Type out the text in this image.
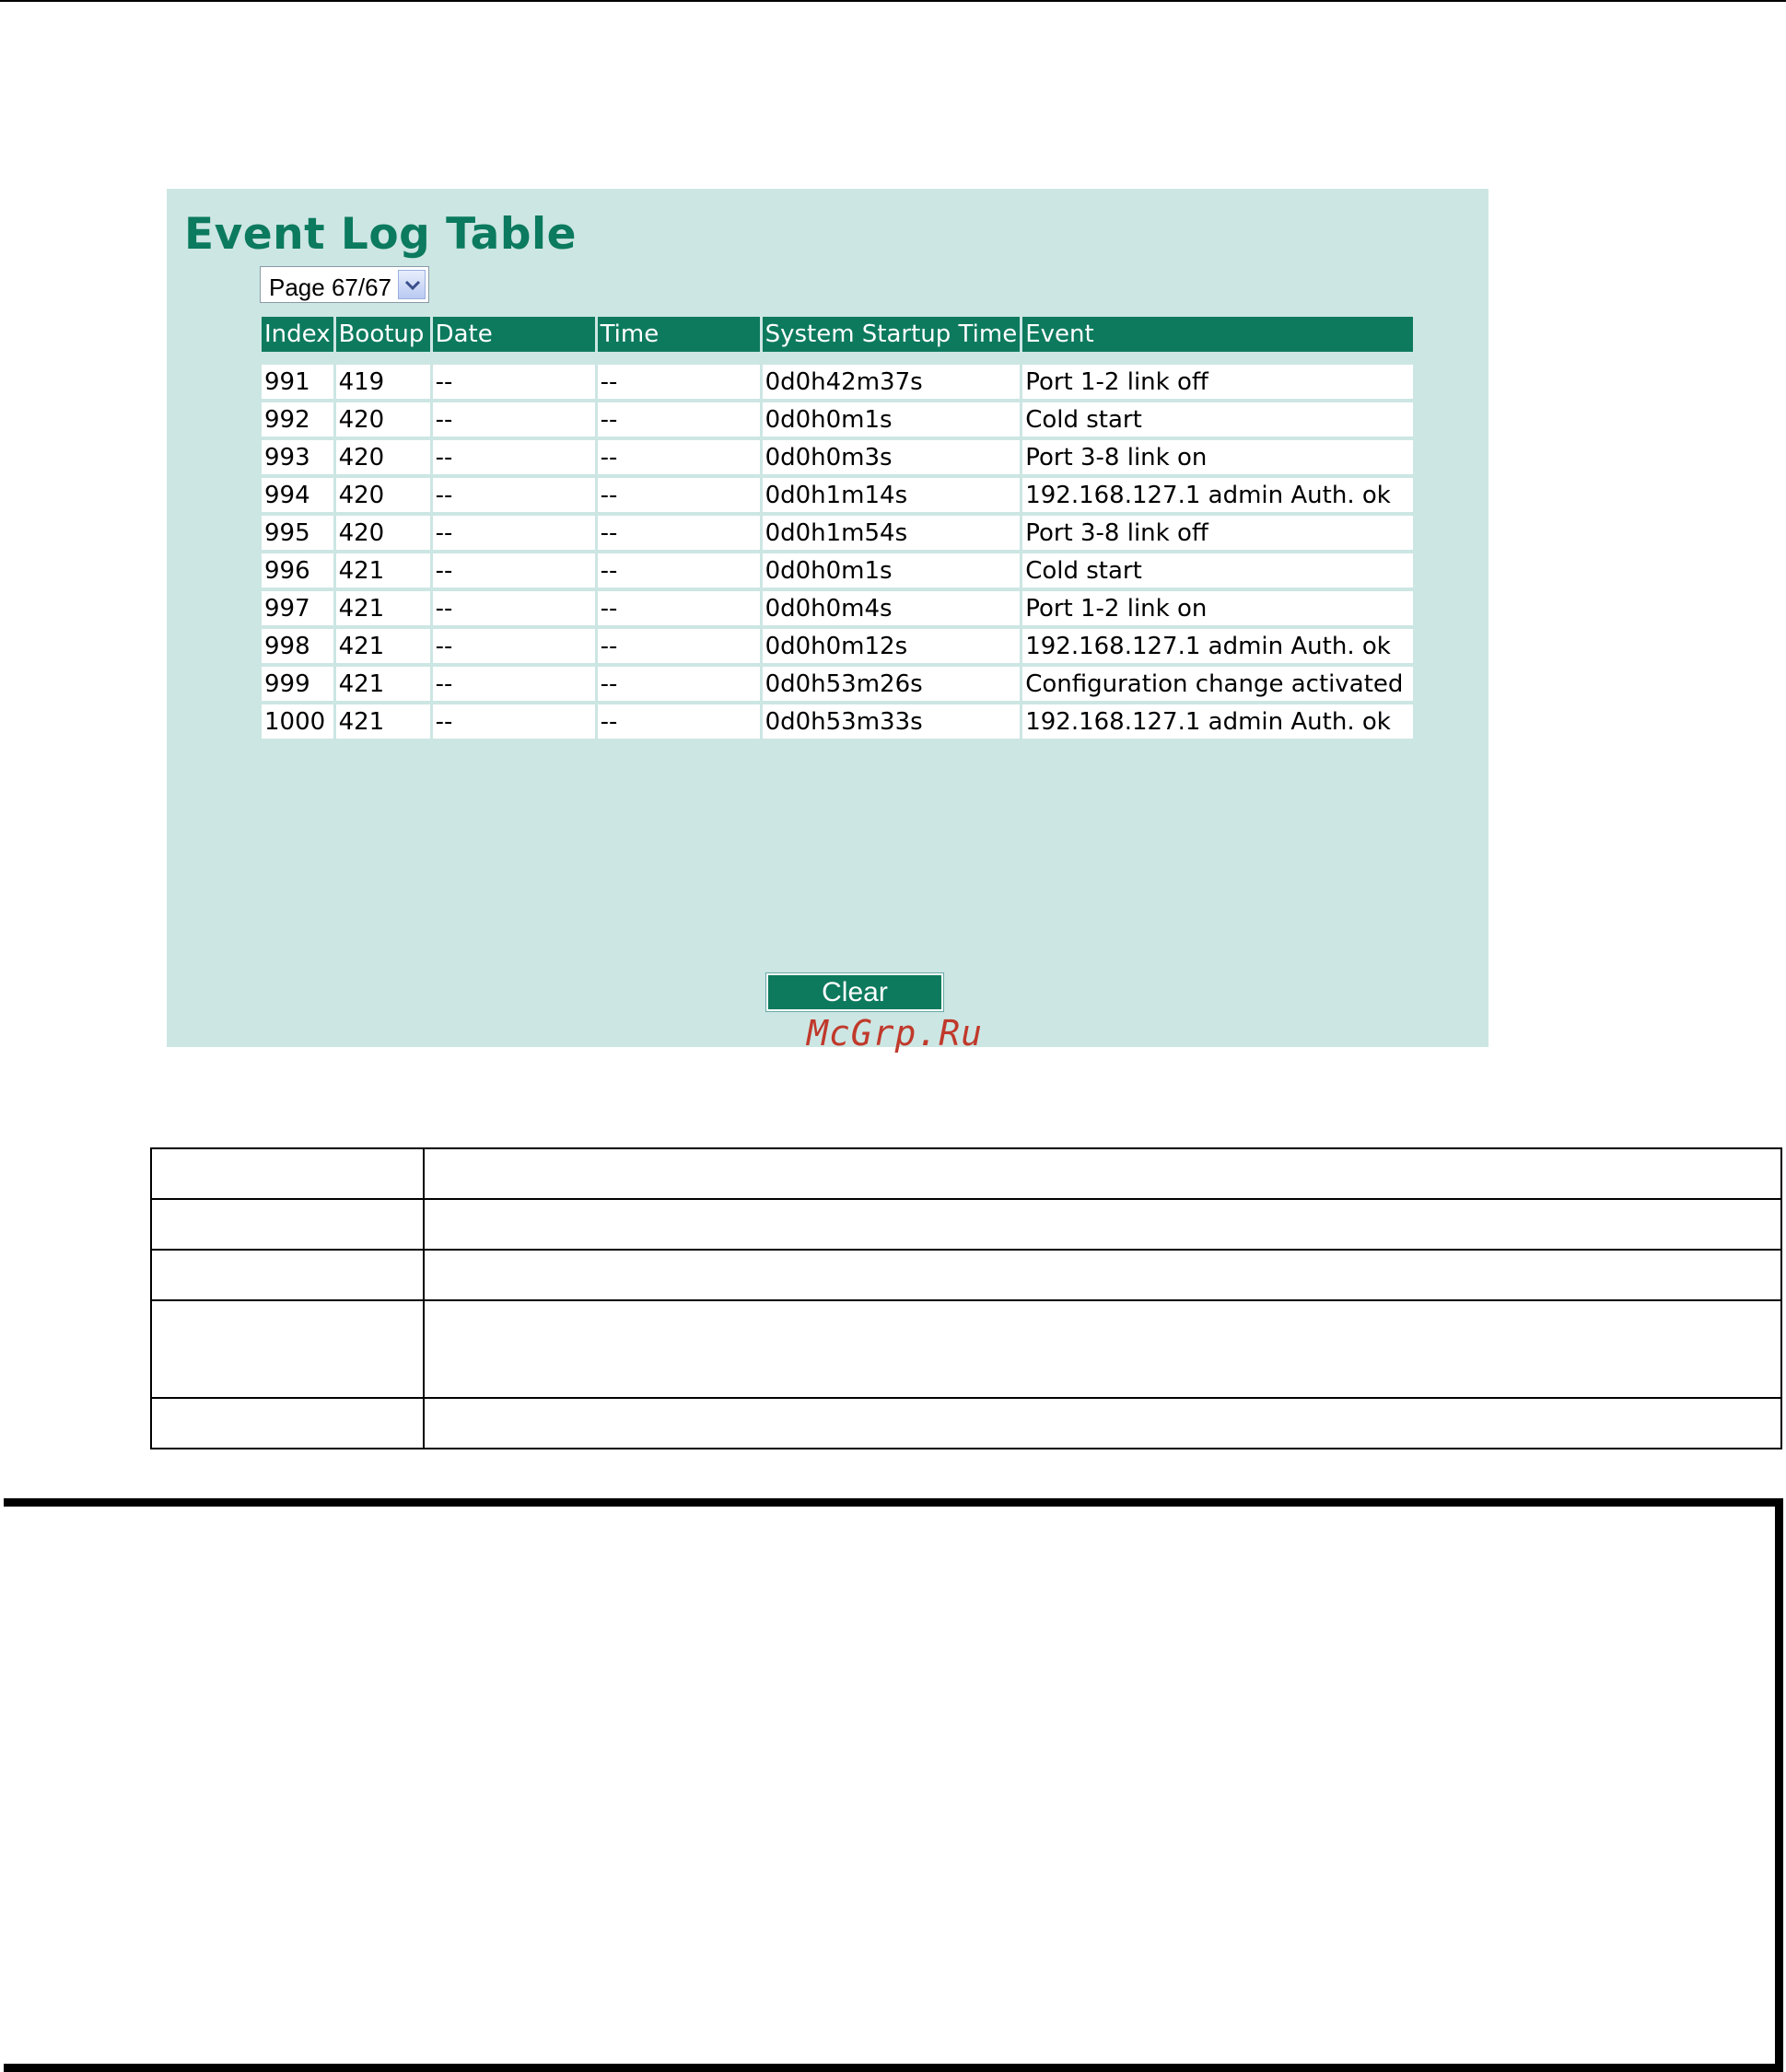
Event Log Table
Page 67/67
Index	Bootup	Date	Time	System Startup Time	Event

991	419	--	--	0d0h42m37s	Port 1-2 link off
992	420	--	--	0d0h0m1s	Cold start
993	420	--	--	0d0h0m3s	Port 3-8 link on
994	420	--	--	0d0h1m14s	192.168.127.1 admin Auth. ok
995	420	--	--	0d0h1m54s	Port 3-8 link off
996	421	--	--	0d0h0m1s	Cold start
997	421	--	--	0d0h0m4s	Port 1-2 link on
998	421	--	--	0d0h0m12s	192.168.127.1 admin Auth. ok
999	421	--	--	0d0h53m26s	Configuration change activated
1000	421	--	--	0d0h53m33s	192.168.127.1 admin Auth. ok
Clear
McGrp.Ru
